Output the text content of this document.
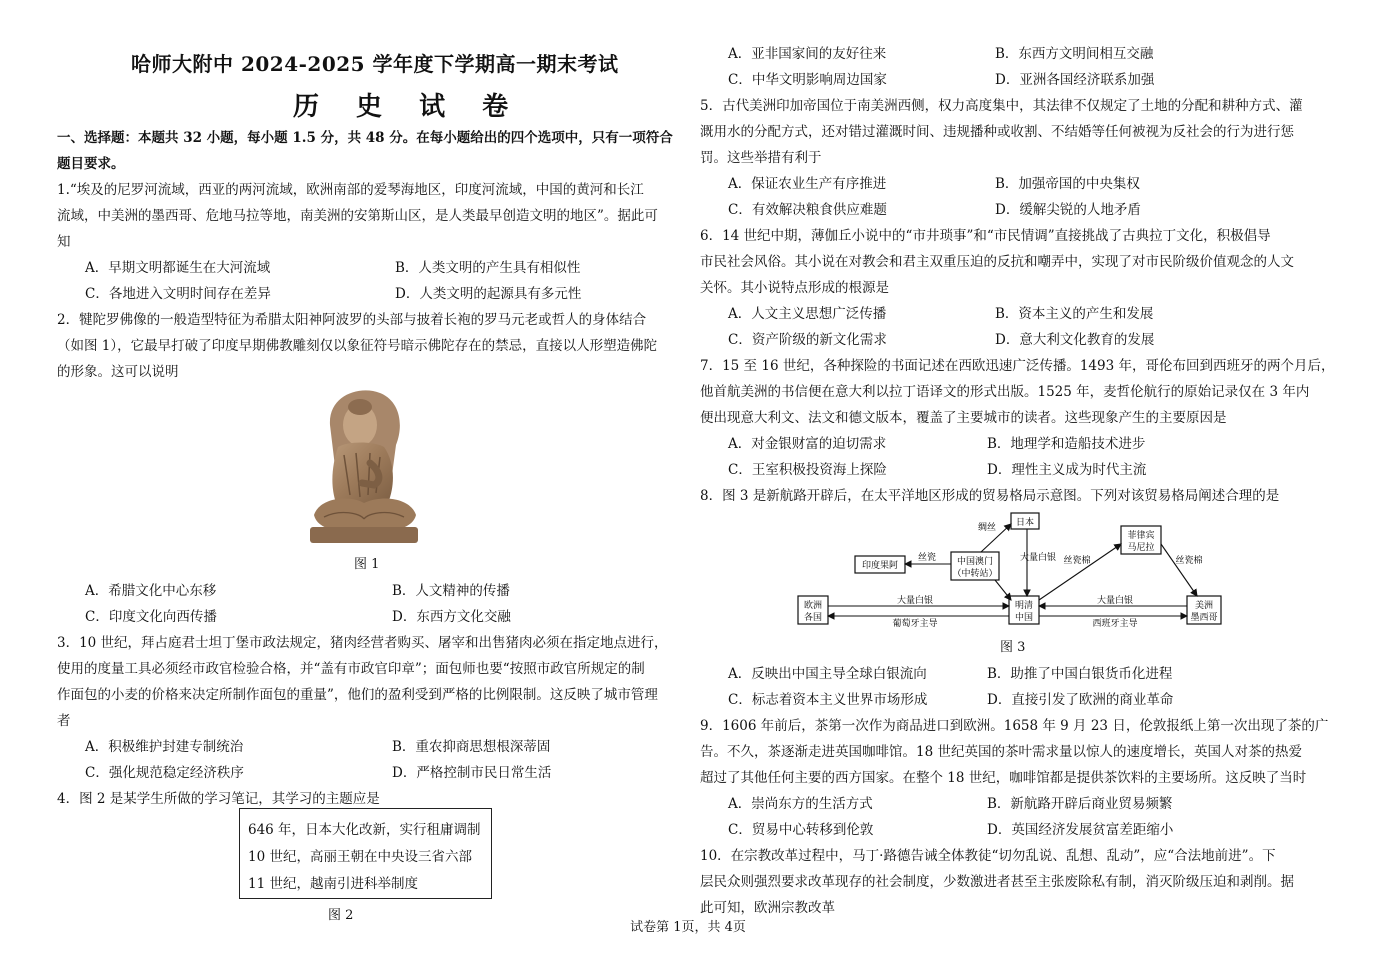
哈师大附中 2024-2025 学年度下学期高一期末考试
历 史 试 卷
一、选择题：本题共 32 小题，每小题 1.5 分，共 48 分。在每小题给出的四个选项中，只有一项符合
题目要求。
1.“埃及的尼罗河流域，西亚的两河流域，欧洲南部的爱琴海地区，印度河流域，中国的黄河和长江
流域，中美洲的墨西哥、危地马拉等地，南美洲的安第斯山区，是人类最早创造文明的地区”。据此可
知
A．早期文明都诞生在大河流域	B．人类文明的产生具有相似性
C．各地进入文明时间存在差异	D．人类文明的起源具有多元性
2．犍陀罗佛像的一般造型特征为希腊太阳神阿波罗的头部与披着长袍的罗马元老或哲人的身体结合
（如图 1），它最早打破了印度早期佛教雕刻仅以象征符号暗示佛陀存在的禁忌，直接以人形塑造佛陀
的形象。这可以说明
图 1
A．希腊文化中心东移	B．人文精神的传播
C．印度文化向西传播	D．东西方文化交融
3．10 世纪，拜占庭君士坦丁堡市政法规定，猪肉经营者购买、屠宰和出售猪肉必须在指定地点进行，
使用的度量工具必须经市政官检验合格，并“盖有市政官印章”；面包师也要“按照市政官所规定的制
作面包的小麦的价格来决定所制作面包的重量”，他们的盈利受到严格的比例限制。这反映了城市管理
者
A．积极维护封建专制统治	B．重农抑商思想根深蒂固
C．强化规范稳定经济秩序	D．严格控制市民日常生活
4．图 2 是某学生所做的学习笔记，其学习的主题应是
646 年，日本大化改新，实行租庸调制
10 世纪，高丽王朝在中央设三省六部
11 世纪，越南引进科举制度
图 2
A．亚非国家间的友好往来	B．东西方文明间相互交融
C．中华文明影响周边国家	D．亚洲各国经济联系加强
5．古代美洲印加帝国位于南美洲西侧，权力高度集中，其法律不仅规定了土地的分配和耕种方式、灌
溉用水的分配方式，还对错过灌溉时间、违规播种或收割、不结婚等任何被视为反社会的行为进行惩
罚。这些举措有利于
A．保证农业生产有序推进	B．加强帝国的中央集权
C．有效解决粮食供应难题	D．缓解尖锐的人地矛盾
6．14 世纪中期，薄伽丘小说中的“市井琐事”和“市民情调”直接挑战了古典拉丁文化，积极倡导
市民社会风俗。其小说在对教会和君主双重压迫的反抗和嘲弄中，实现了对市民阶级价值观念的人文
关怀。其小说特点形成的根源是
A．人文主义思想广泛传播	B．资本主义的产生和发展
C．资产阶级的新文化需求	D．意大利文化教育的发展
7．15 至 16 世纪，各种探险的书面记述在西欧迅速广泛传播。1493 年，哥伦布回到西班牙的两个月后，
他首航美洲的书信便在意大利以拉丁语译文的形式出版。1525 年，麦哲伦航行的原始记录仅在 3 年内
便出现意大利文、法文和德文版本，覆盖了主要城市的读者。这些现象产生的主要原因是
A．对金银财富的迫切需求	B．地理学和造船技术进步
C．王室积极投资海上探险	D．理性主义成为时代主流
8．图 3 是新航路开辟后，在太平洋地区形成的贸易格局示意图。下列对该贸易格局阐述合理的是
日本
印度果阿	中国澳门
（中转站）
明清
中国
欧洲
各国
菲律宾
马尼拉
美洲
墨西哥
丝瓷
大量白银
葡萄牙主导
大量白银
西班牙主导
绸丝
大量白银 丝瓷棉	丝瓷棉
图 3
A．反映出中国主导全球白银流向	B．助推了中国白银货币化进程
C．标志着资本主义世界市场形成	D．直接引发了欧洲的商业革命
9．1606 年前后，茶第一次作为商品进口到欧洲。1658 年 9 月 23 日，伦敦报纸上第一次出现了茶的广
告。不久，茶逐渐走进英国咖啡馆。18 世纪英国的茶叶需求量以惊人的速度增长，英国人对茶的热爱
超过了其他任何主要的西方国家。在整个 18 世纪，咖啡馆都是提供茶饮料的主要场所。这反映了当时
A．崇尚东方的生活方式	B．新航路开辟后商业贸易频繁
C．贸易中心转移到伦敦	D．英国经济发展贫富差距缩小
10．在宗教改革过程中，马丁·路德告诫全体教徒“切勿乱说、乱想、乱动”，应“合法地前进”。下
层民众则强烈要求改革现存的社会制度，少数激进者甚至主张废除私有制，消灭阶级压迫和剥削。据
此可知，欧洲宗教改革
试卷第 1页，共 4页
